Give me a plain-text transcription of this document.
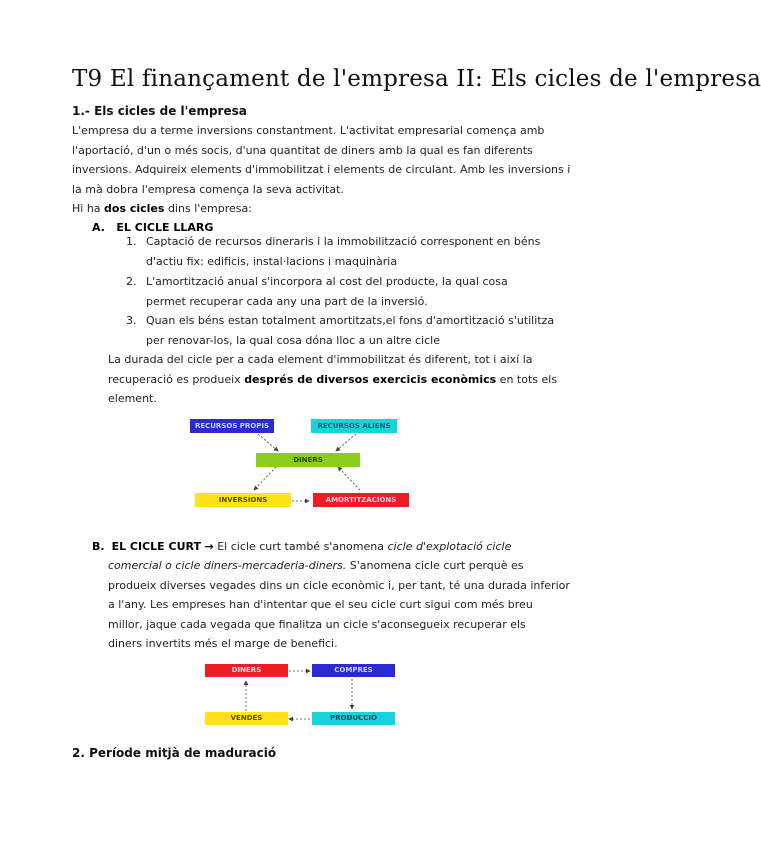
T9 El finançament de l'empresa II: Els cicles de l'empresa
1.- Els cicles de l'empresa
L'empresa du a terme inversions constantment. L'activitat empresarial comença amb
l'aportació, d'un o més socis, d'una quantitat de diners amb la qual es fan diferents
inversions. Adquireix elements d'immobilitzat i elements de circulant. Amb les inversions i
la mà dobra l'empresa comença la seva activitat.
Hi ha dos cicles dins l'empresa:
A. EL CICLE LLARG
1. Captació de recursos dineraris i la immobilització corresponent en béns
d'actiu fix: edificis, instal·lacions i maquinària
2. L'amortització anual s'incorpora al cost del producte, la qual cosa
permet recuperar cada any una part de la inversió.
3. Quan els béns estan totalment amortitzats,el fons d'amortització s'utilitza
per renovar-los, la qual cosa dóna lloc a un altre cicle
La durada del cicle per a cada element d'immobilitzat és diferent, tot i així la
recuperació es produeix després de diversos exercicis econòmics en tots els
element.
RECURSOS PROPIS	RECURSOS ALIENS
DINERS
INVERSIONS	AMORTITZACIONS
B. EL CICLE CURT → El cicle curt també s'anomena cicle d'explotació cicle
comercial o cicle diners-mercaderia-diners. S'anomena cicle curt perquè es
produeix diverses vegades dins un cicle econòmic i, per tant, té una durada inferior
a l'any. Les empreses han d'intentar que el seu cicle curt sigui com més breu
millor, jaque cada vegada que finalitza un cicle s'aconsegueix recuperar els
diners invertits més el marge de benefici.
DINERS	COMPRES
VENDES	PRODUCCIÓ
2. Període mitjà de maduració
